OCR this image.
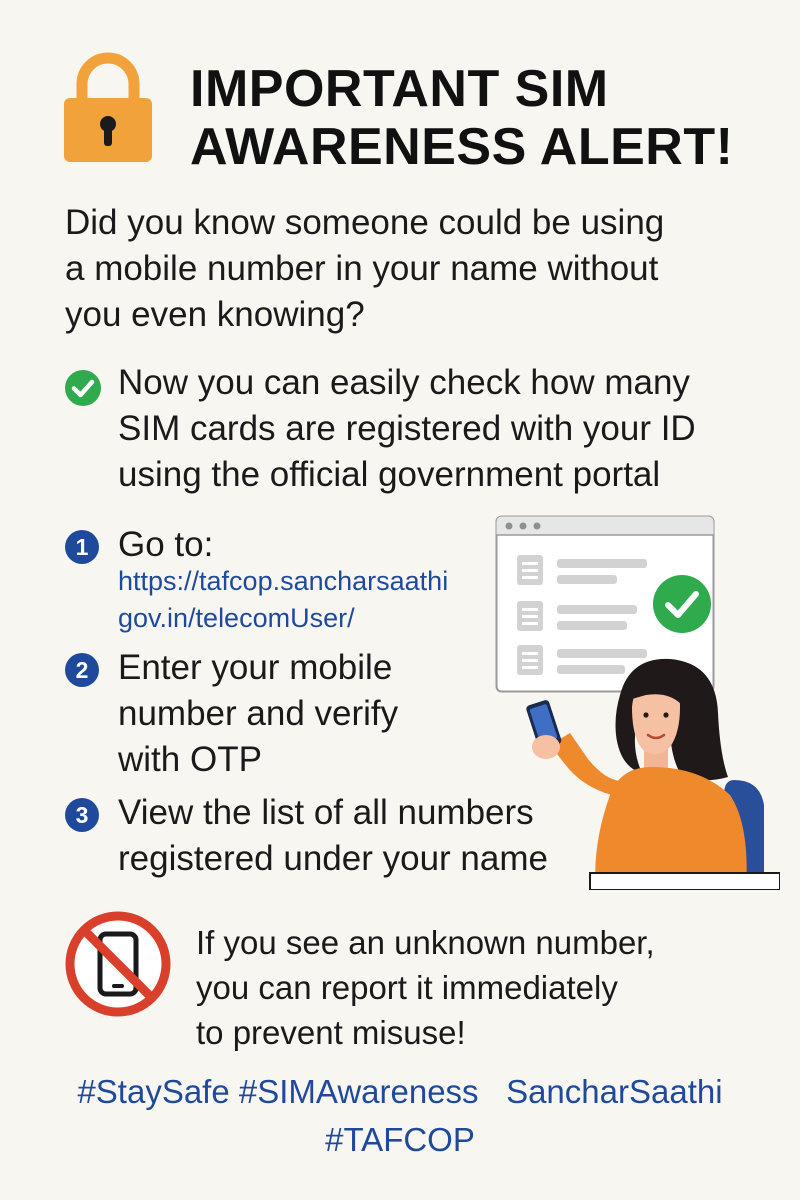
IMPORTANT SIM
AWARENESS ALERT!
Did you know someone could be using
a mobile number in your name without
you even knowing?
Now you can easily check how many
SIM cards are registered with your ID
using the official government portal
1 Go to:
https://tafcop.sancharsaathi
gov.in/telecomUser/
2 Enter your mobile
number and verify
with OTP
3 View the list of all numbers
registered under your name
If you see an unknown number,
you can report it immediately
to prevent misuse!
#StaySafe #SIMAwareness SancharSaathi
#TAFCOP
